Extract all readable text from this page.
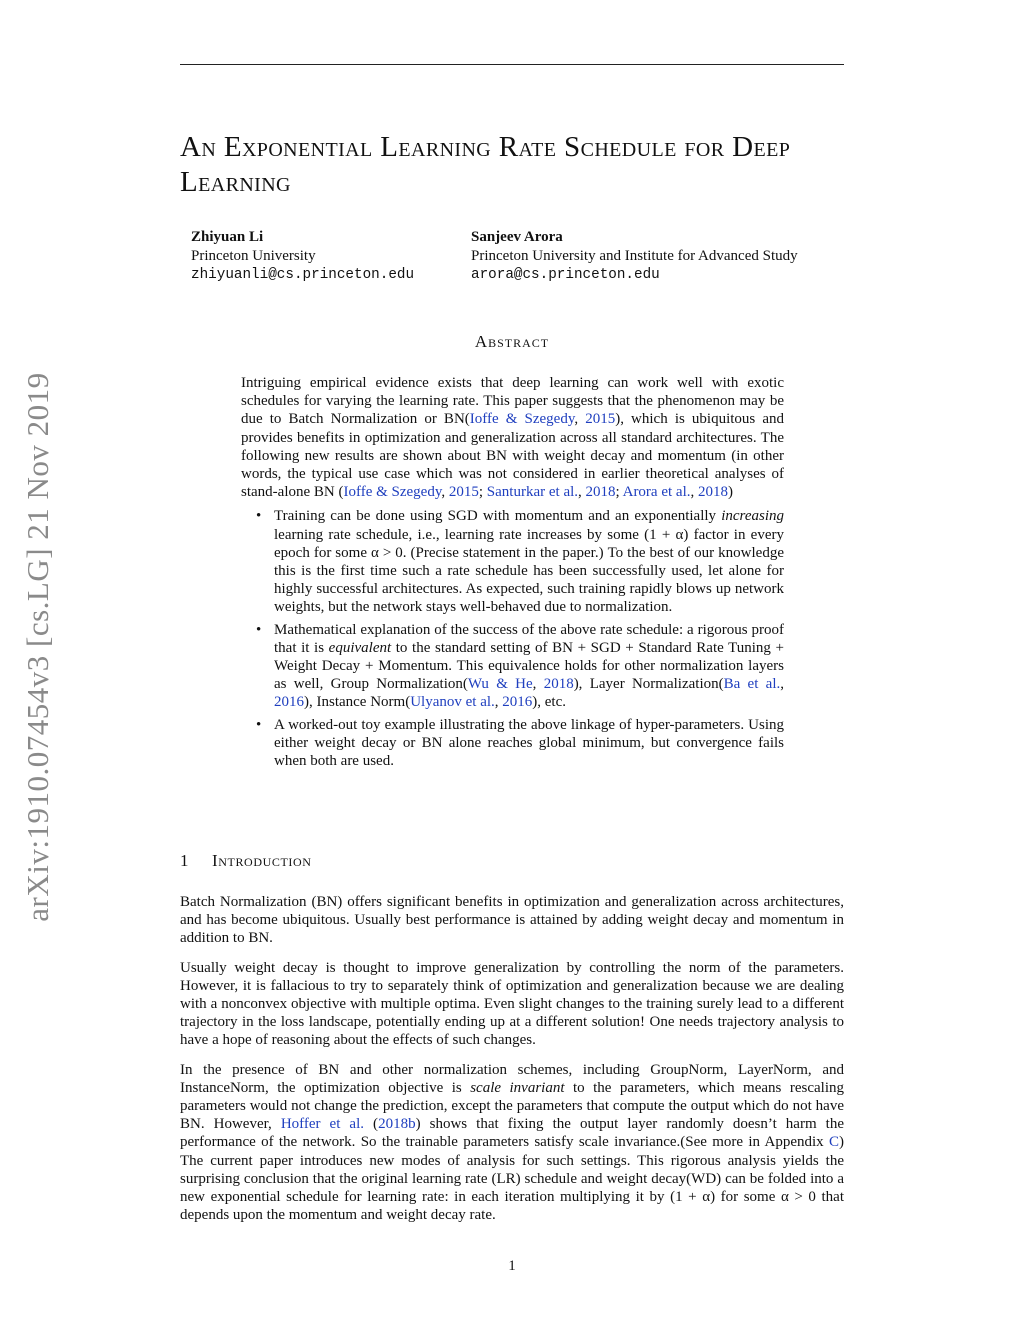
arXiv:1910.07454v3 [cs.LG] 21 Nov 2019
An Exponential Learning Rate Schedule for Deep Learning
Zhiyuan Li
Princeton University
zhiyuanli@cs.princeton.edu
Sanjeev Arora
Princeton University and Institute for Advanced Study
arora@cs.princeton.edu
Abstract

Intriguing empirical evidence exists that deep learning can work well with exotic schedules for varying the learning rate. This paper suggests that the phenomenon may be due to Batch Normalization or BN(Ioffe & Szegedy, 2015), which is ubiquitous and provides benefits in optimization and generalization across all standard architectures. The following new results are shown about BN with weight decay and momentum (in other words, the typical use case which was not considered in earlier theoretical analyses of stand-alone BN (Ioffe & Szegedy, 2015; Santurkar et al., 2018; Arora et al., 2018)

• Training can be done using SGD with momentum and an exponentially increasing learning rate schedule, i.e., learning rate increases by some (1 + α) factor in every epoch for some α > 0. (Precise statement in the paper.) To the best of our knowledge this is the first time such a rate schedule has been successfully used, let alone for highly successful architectures. As expected, such training rapidly blows up network weights, but the network stays well-behaved due to normalization.
• Mathematical explanation of the success of the above rate schedule: a rigorous proof that it is equivalent to the standard setting of BN + SGD + Standard Rate Tuning + Weight Decay + Momentum. This equivalence holds for other normalization layers as well, Group Normalization(Wu & He, 2018), Layer Normalization(Ba et al., 2016), Instance Norm(Ulyanov et al., 2016), etc.
• A worked-out toy example illustrating the above linkage of hyper-parameters. Using either weight decay or BN alone reaches global minimum, but convergence fails when both are used.
1 Introduction

Batch Normalization (BN) offers significant benefits in optimization and generalization across architectures, and has become ubiquitous. Usually best performance is attained by adding weight decay and momentum in addition to BN.

Usually weight decay is thought to improve generalization by controlling the norm of the parameters. However, it is fallacious to try to separately think of optimization and generalization because we are dealing with a nonconvex objective with multiple optima. Even slight changes to the training surely lead to a different trajectory in the loss landscape, potentially ending up at a different solution! One needs trajectory analysis to have a hope of reasoning about the effects of such changes.

In the presence of BN and other normalization schemes, including GroupNorm, LayerNorm, and InstanceNorm, the optimization objective is scale invariant to the parameters, which means rescaling parameters would not change the prediction, except the parameters that compute the output which do not have BN. However, Hoffer et al. (2018b) shows that fixing the output layer randomly doesn’t harm the performance of the network. So the trainable parameters satisfy scale invariance.(See more in Appendix C) The current paper introduces new modes of analysis for such settings. This rigorous analysis yields the surprising conclusion that the original learning rate (LR) schedule and weight decay(WD) can be folded into a new exponential schedule for learning rate: in each iteration multiplying it by (1 + α) for some α > 0 that depends upon the momentum and weight decay rate.

1
